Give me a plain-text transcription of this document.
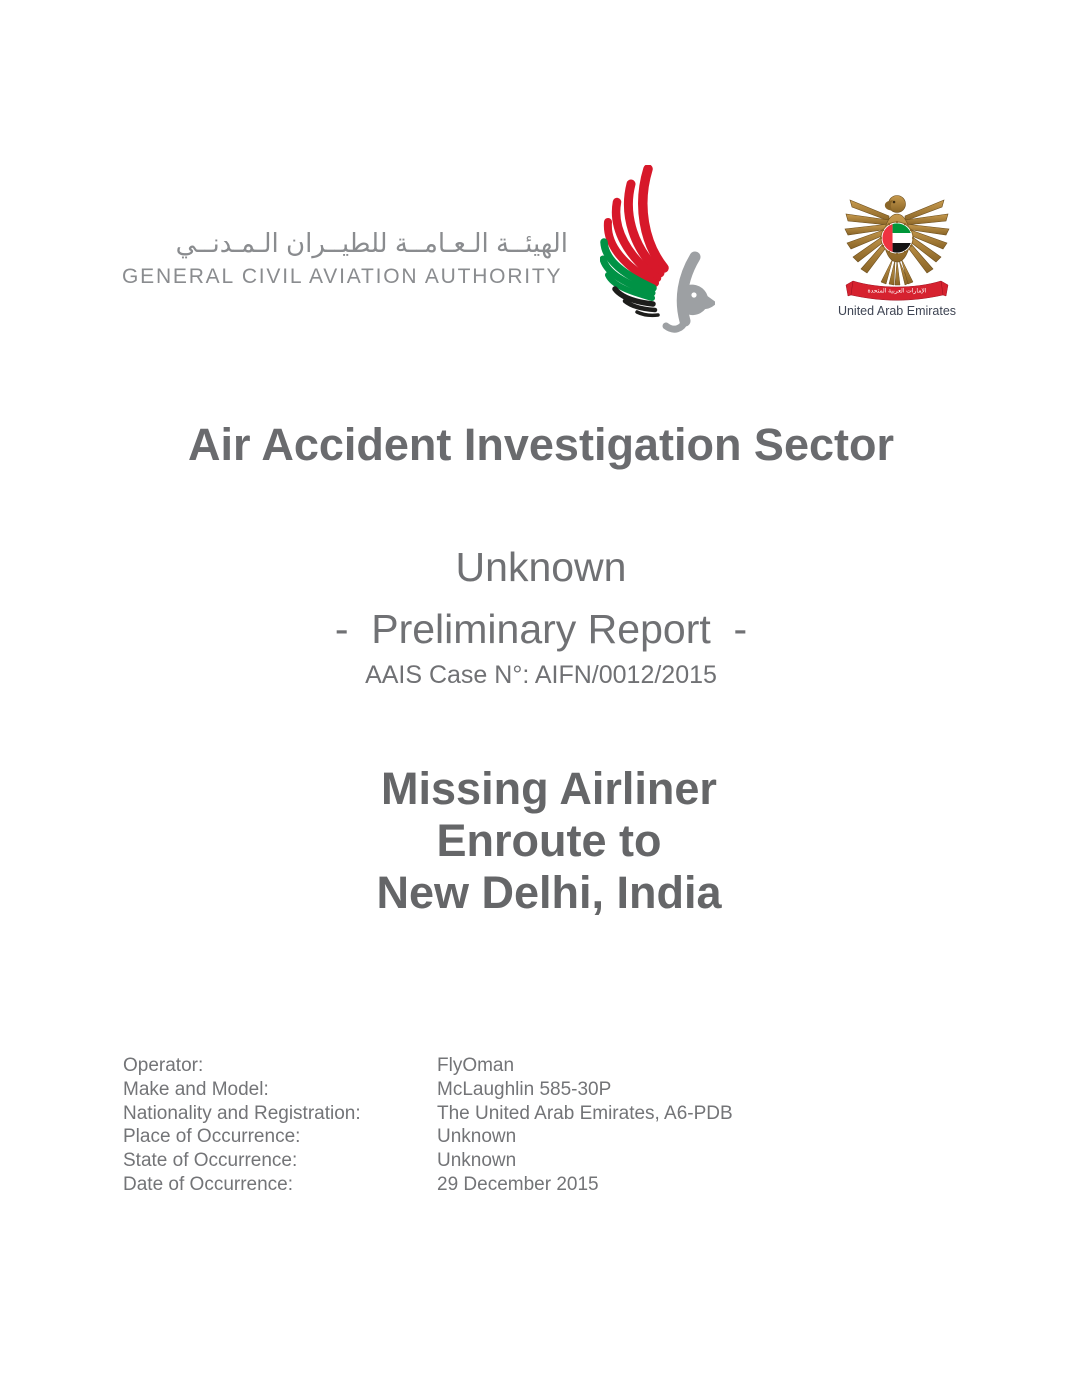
الهيئــة الـعـامــة للطيــران الـمـدنــي
GENERAL CIVIL AVIATION AUTHORITY
الإمارات العربية المتحدة
United Arab Emirates
Air Accident Investigation Sector
Unknown
-  Preliminary Report  -
AAIS Case N°: AIFN/0012/2015
Missing Airliner
Enroute to
New Delhi, India
Operator:	FlyOman
Make and Model:	McLaughlin 585-30P
Nationality and Registration:	The United Arab Emirates, A6-PDB
Place of Occurrence:	Unknown
State of Occurrence:	Unknown
Date of Occurrence:	29 December 2015
